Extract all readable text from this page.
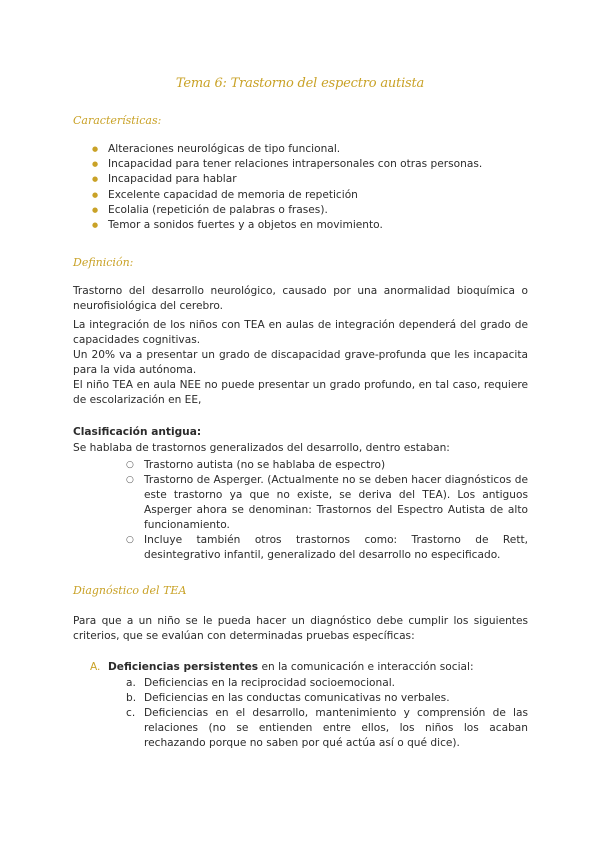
Tema 6: Trastorno del espectro autista
Características:
● Alteraciones neurológicas de tipo funcional.
● Incapacidad para tener relaciones intrapersonales con otras personas.
● Incapacidad para hablar
● Excelente capacidad de memoria de repetición
● Ecolalia (repetición de palabras o frases).
● Temor a sonidos fuertes y a objetos en movimiento.
Definición:
Trastorno del desarrollo neurológico, causado por una anormalidad bioquímica o neurofisiológica del cerebro.
La integración de los niños con TEA en aulas de integración dependerá del grado de capacidades cognitivas.
Un 20% va a presentar un grado de discapacidad grave-profunda que les incapacita para la vida autónoma.
El niño TEA en aula NEE no puede presentar un grado profundo, en tal caso, requiere de escolarización en EE,
Clasificación antigua:
Se hablaba de trastornos generalizados del desarrollo, dentro estaban:
○ Trastorno autista (no se hablaba de espectro)
○ Trastorno de Asperger. (Actualmente no se deben hacer diagnósticos de este trastorno ya que no existe, se deriva del TEA). Los antiguos Asperger ahora se denominan: Trastornos del Espectro Autista de alto funcionamiento.
○ Incluye también otros trastornos como: Trastorno de Rett, desintegrativo infantil, generalizado del desarrollo no especificado.
Diagnóstico del TEA
Para que a un niño se le pueda hacer un diagnóstico debe cumplir los siguientes criterios, que se evalúan con determinadas pruebas específicas:
A. Deficiencias persistentes en la comunicación e interacción social:
a. Deficiencias en la reciprocidad socioemocional.
b. Deficiencias en las conductas comunicativas no verbales.
c. Deficiencias en el desarrollo, mantenimiento y comprensión de las relaciones (no se entienden entre ellos, los niños los acaban rechazando porque no saben por qué actúa así o qué dice).
